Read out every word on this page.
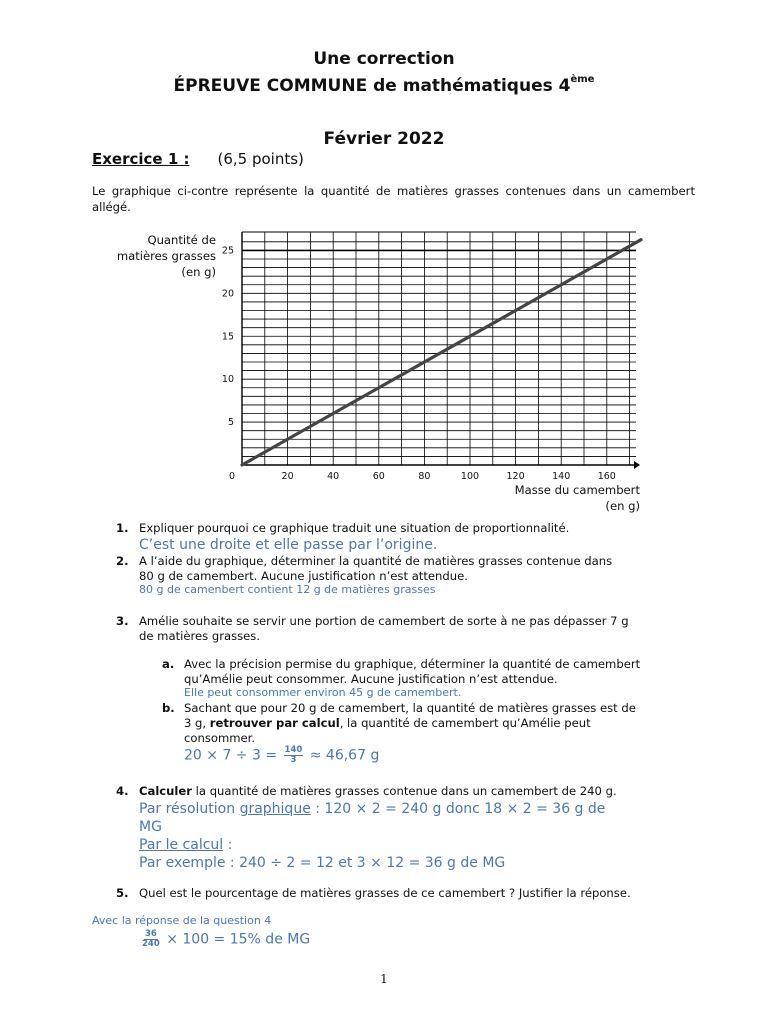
Une correction
ÉPREUVE COMMUNE de mathématiques 4ème
Février 2022
Exercice 1 : (6,5 points)
Le graphique ci-contre représente la quantité de matières grasses contenues dans un camembert allégé.
0	20	40	60	80	100	120	140	160
5
10
15
20
25
Quantité de
matières grasses
(en g)
Masse du camembert
(en g)
1. Expliquer pourquoi ce graphique traduit une situation de proportionnalité.
C’est une droite et elle passe par l’origine.
2. A l’aide du graphique, déterminer la quantité de matières grasses contenue dans
80 g de camembert. Aucune justification n’est attendue.
80 g de camenbert contient 12 g de matières grasses
3. Amélie souhaite se servir une portion de camembert de sorte à ne pas dépasser 7 g
de matières grasses.
a. Avec la précision permise du graphique, déterminer la quantité de camembert
qu’Amélie peut consommer. Aucune justification n’est attendue.
Elle peut consommer environ 45 g de camembert.
b. Sachant que pour 20 g de camembert, la quantité de matières grasses est de
3 g, retrouver par calcul, la quantité de camembert qu’Amélie peut
consommer.
$20 \times 7 \div 3 = \frac{140}{3} \approx 46,67$ g
4. Calculer la quantité de matières grasses contenue dans un camembert de 240 g.
Par résolution graphique : 120 × 2 = 240 g donc 18 × 2 = 36 g de
MG
Par le calcul :
Par exemple : 240 ÷ 2 = 12 et 3 × 12 = 36 g de MG
5. Quel est le pourcentage de matières grasses de ce camembert ? Justifier la réponse.
Avec la réponse de la question 4
$\frac{36}{240} \times 100 = 15\%$ de MG
1
